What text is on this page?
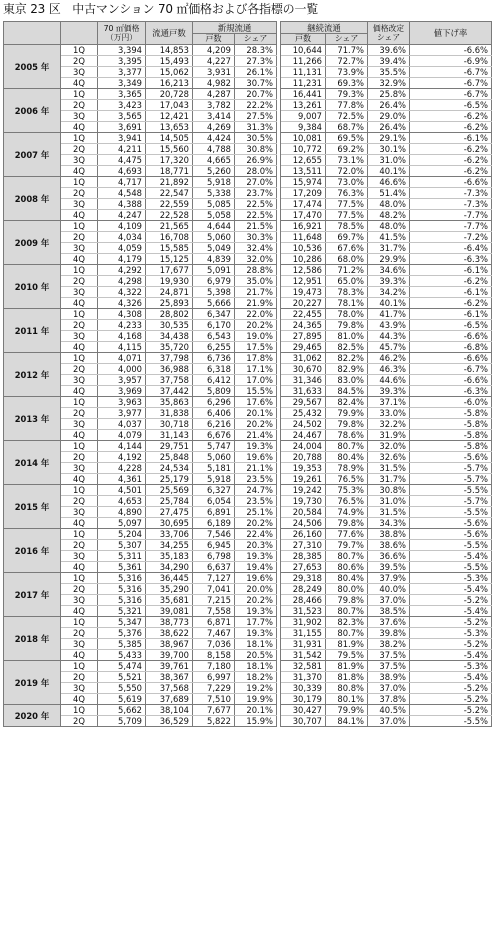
東京 23 区　中古マンション 70 ㎡価格および各指標の一覧
		70 ㎡価格 （万円）	流通戸数	新規流通			継続流通		価格改定 シェア	値下げ率
				戸数	シェア		戸数	シェア		
2005 年	1Q	3,394	14,853	4,209	28.3%		10,644	71.7%	39.6%	-6.6%
	2Q	3,395	15,493	4,227	27.3%		11,266	72.7%	39.4%	-6.9%
	3Q	3,377	15,062	3,931	26.1%		11,131	73.9%	35.5%	-6.7%
	4Q	3,349	16,213	4,982	30.7%		11,231	69.3%	32.9%	-6.7%
2006 年	1Q	3,365	20,728	4,287	20.7%		16,441	79.3%	25.8%	-6.7%
	2Q	3,423	17,043	3,782	22.2%		13,261	77.8%	26.4%	-6.5%
	3Q	3,565	12,421	3,414	27.5%		9,007	72.5%	29.0%	-6.2%
	4Q	3,691	13,653	4,269	31.3%		9,384	68.7%	26.4%	-6.2%
2007 年	1Q	3,941	14,505	4,424	30.5%		10,081	69.5%	29.1%	-6.1%
	2Q	4,211	15,560	4,788	30.8%		10,772	69.2%	30.1%	-6.2%
	3Q	4,475	17,320	4,665	26.9%		12,655	73.1%	31.0%	-6.2%
	4Q	4,693	18,771	5,260	28.0%		13,511	72.0%	40.1%	-6.2%
2008 年	1Q	4,717	21,892	5,918	27.0%		15,974	73.0%	46.6%	-6.6%
	2Q	4,548	22,547	5,338	23.7%		17,209	76.3%	51.4%	-7.3%
	3Q	4,388	22,559	5,085	22.5%		17,474	77.5%	48.0%	-7.3%
	4Q	4,247	22,528	5,058	22.5%		17,470	77.5%	48.2%	-7.7%
2009 年	1Q	4,109	21,565	4,644	21.5%		16,921	78.5%	48.0%	-7.7%
	2Q	4,034	16,708	5,060	30.3%		11,648	69.7%	41.5%	-7.2%
	3Q	4,059	15,585	5,049	32.4%		10,536	67.6%	31.7%	-6.4%
	4Q	4,179	15,125	4,839	32.0%		10,286	68.0%	29.9%	-6.3%
2010 年	1Q	4,292	17,677	5,091	28.8%		12,586	71.2%	34.6%	-6.1%
	2Q	4,298	19,930	6,979	35.0%		12,951	65.0%	39.3%	-6.2%
	3Q	4,322	24,871	5,398	21.7%		19,473	78.3%	34.2%	-6.1%
	4Q	4,326	25,893	5,666	21.9%		20,227	78.1%	40.1%	-6.2%
2011 年	1Q	4,308	28,802	6,347	22.0%		22,455	78.0%	41.7%	-6.1%
	2Q	4,233	30,535	6,170	20.2%		24,365	79.8%	43.9%	-6.5%
	3Q	4,168	34,438	6,543	19.0%		27,895	81.0%	44.3%	-6.6%
	4Q	4,115	35,720	6,255	17.5%		29,465	82.5%	45.7%	-6.8%
2012 年	1Q	4,071	37,798	6,736	17.8%		31,062	82.2%	46.2%	-6.6%
	2Q	4,000	36,988	6,318	17.1%		30,670	82.9%	46.3%	-6.7%
	3Q	3,957	37,758	6,412	17.0%		31,346	83.0%	44.6%	-6.6%
	4Q	3,969	37,442	5,809	15.5%		31,633	84.5%	39.3%	-6.3%
2013 年	1Q	3,963	35,863	6,296	17.6%		29,567	82.4%	37.1%	-6.0%
	2Q	3,977	31,838	6,406	20.1%		25,432	79.9%	33.0%	-5.8%
	3Q	4,037	30,718	6,216	20.2%		24,502	79.8%	32.2%	-5.8%
	4Q	4,079	31,143	6,676	21.4%		24,467	78.6%	31.9%	-5.8%
2014 年	1Q	4,144	29,751	5,747	19.3%		24,004	80.7%	32.0%	-5.8%
	2Q	4,192	25,848	5,060	19.6%		20,788	80.4%	32.6%	-5.6%
	3Q	4,228	24,534	5,181	21.1%		19,353	78.9%	31.5%	-5.7%
	4Q	4,361	25,179	5,918	23.5%		19,261	76.5%	31.7%	-5.7%
2015 年	1Q	4,501	25,569	6,327	24.7%		19,242	75.3%	30.8%	-5.5%
	2Q	4,653	25,784	6,054	23.5%		19,730	76.5%	31.0%	-5.7%
	3Q	4,890	27,475	6,891	25.1%		20,584	74.9%	31.5%	-5.5%
	4Q	5,097	30,695	6,189	20.2%		24,506	79.8%	34.3%	-5.6%
2016 年	1Q	5,204	33,706	7,546	22.4%		26,160	77.6%	38.8%	-5.6%
	2Q	5,307	34,255	6,945	20.3%		27,310	79.7%	38.6%	-5.5%
	3Q	5,311	35,183	6,798	19.3%		28,385	80.7%	36.6%	-5.4%
	4Q	5,361	34,290	6,637	19.4%		27,653	80.6%	39.5%	-5.5%
2017 年	1Q	5,316	36,445	7,127	19.6%		29,318	80.4%	37.9%	-5.3%
	2Q	5,316	35,290	7,041	20.0%		28,249	80.0%	40.0%	-5.4%
	3Q	5,316	35,681	7,215	20.2%		28,466	79.8%	37.0%	-5.2%
	4Q	5,321	39,081	7,558	19.3%		31,523	80.7%	38.5%	-5.4%
2018 年	1Q	5,347	38,773	6,871	17.7%		31,902	82.3%	37.6%	-5.2%
	2Q	5,376	38,622	7,467	19.3%		31,155	80.7%	39.8%	-5.3%
	3Q	5,385	38,967	7,036	18.1%		31,931	81.9%	38.2%	-5.2%
	4Q	5,433	39,700	8,158	20.5%		31,542	79.5%	37.5%	-5.4%
2019 年	1Q	5,474	39,761	7,180	18.1%		32,581	81.9%	37.5%	-5.3%
	2Q	5,521	38,367	6,997	18.2%		31,370	81.8%	38.9%	-5.4%
	3Q	5,550	37,568	7,229	19.2%		30,339	80.8%	37.0%	-5.2%
	4Q	5,619	37,689	7,510	19.9%		30,179	80.1%	37.8%	-5.2%
2020 年	1Q	5,662	38,104	7,677	20.1%		30,427	79.9%	40.5%	-5.2%
	2Q	5,709	36,529	5,822	15.9%		30,707	84.1%	37.0%	-5.5%
